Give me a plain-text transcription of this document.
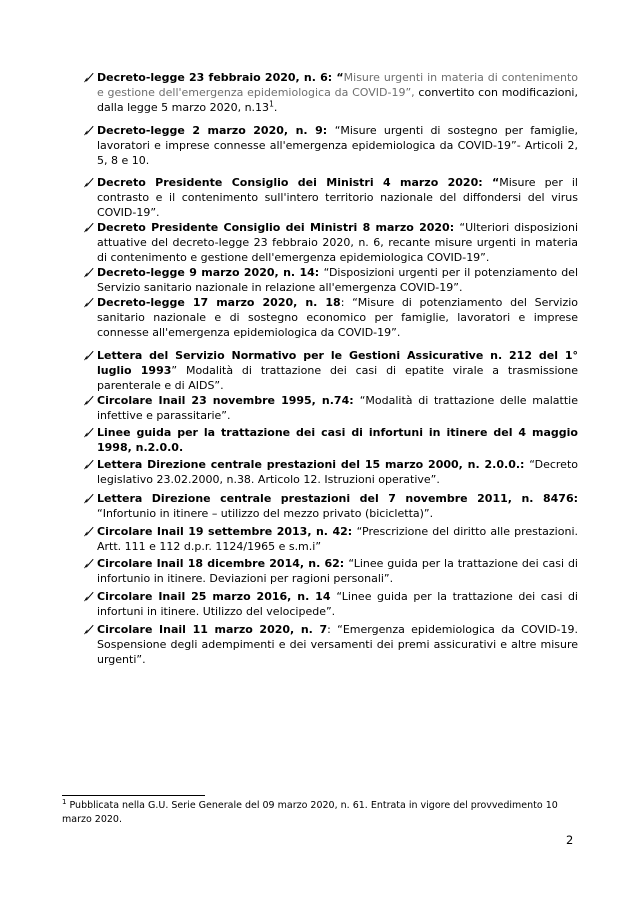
Decreto-legge 23 febbraio 2020, n. 6: “Misure urgenti in materia di contenimento e gestione dell'emergenza epidemiologica da COVID-19”, convertito con modificazioni, dalla legge 5 marzo 2020, $n.13^1$.
Decreto-legge 2 marzo 2020, n. 9: “Misure urgenti di sostegno per famiglie, lavoratori e imprese connesse all'emergenza epidemiologica da COVID-19”- Articoli 2, 5, 8 e 10.
Decreto Presidente Consiglio dei Ministri 4 marzo 2020: “Misure per il contrasto e il contenimento sull'intero territorio nazionale del diffondersi del virus COVID-19”.
Decreto Presidente Consiglio dei Ministri 8 marzo 2020: “Ulteriori disposizioni attuative del decreto-legge 23 febbraio 2020, n. 6, recante misure urgenti in materia di contenimento e gestione dell'emergenza epidemiologica COVID-19”.
Decreto-legge 9 marzo 2020, n. 14: “Disposizioni urgenti per il potenziamento del Servizio sanitario nazionale in relazione all'emergenza COVID-19”.
Decreto-legge 17 marzo 2020, n. 18: “Misure di potenziamento del Servizio sanitario nazionale e di sostegno economico per famiglie, lavoratori e imprese connesse all'emergenza epidemiologica da COVID-19”.
Lettera del Servizio Normativo per le Gestioni Assicurative n. 212 del 1° luglio 1993” Modalità di trattazione dei casi di epatite virale a trasmissione parenterale e di AIDS”.
Circolare Inail 23 novembre 1995, n.74: “Modalità di trattazione delle malattie infettive e parassitarie”.
Linee guida per la trattazione dei casi di infortuni in itinere del 4 maggio 1998, n.2.0.0.
Lettera Direzione centrale prestazioni del 15 marzo 2000, n. 2.0.0.: “Decreto legislativo 23.02.2000, n.38. Articolo 12. Istruzioni operative”.
Lettera Direzione centrale prestazioni del 7 novembre 2011, n. 8476: “Infortunio in itinere – utilizzo del mezzo privato (bicicletta)”.
Circolare Inail 19 settembre 2013, n. 42: “Prescrizione del diritto alle prestazioni. Artt. 111 e 112 d.p.r. 1124/1965 e s.m.i”
Circolare Inail 18 dicembre 2014, n. 62: “Linee guida per la trattazione dei casi di infortunio in itinere. Deviazioni per ragioni personali”.
Circolare Inail 25 marzo 2016, n. 14 “Linee guida per la trattazione dei casi di infortuni in itinere. Utilizzo del velocipede”.
Circolare Inail 11 marzo 2020, n. 7: “Emergenza epidemiologica da COVID-19. Sospensione degli adempimenti e dei versamenti dei premi assicurativi e altre misure urgenti”.
$^1$ Pubblicata nella G.U. Serie Generale del 09 marzo 2020, n. 61. Entrata in vigore del provvedimento 10 marzo 2020.
2
